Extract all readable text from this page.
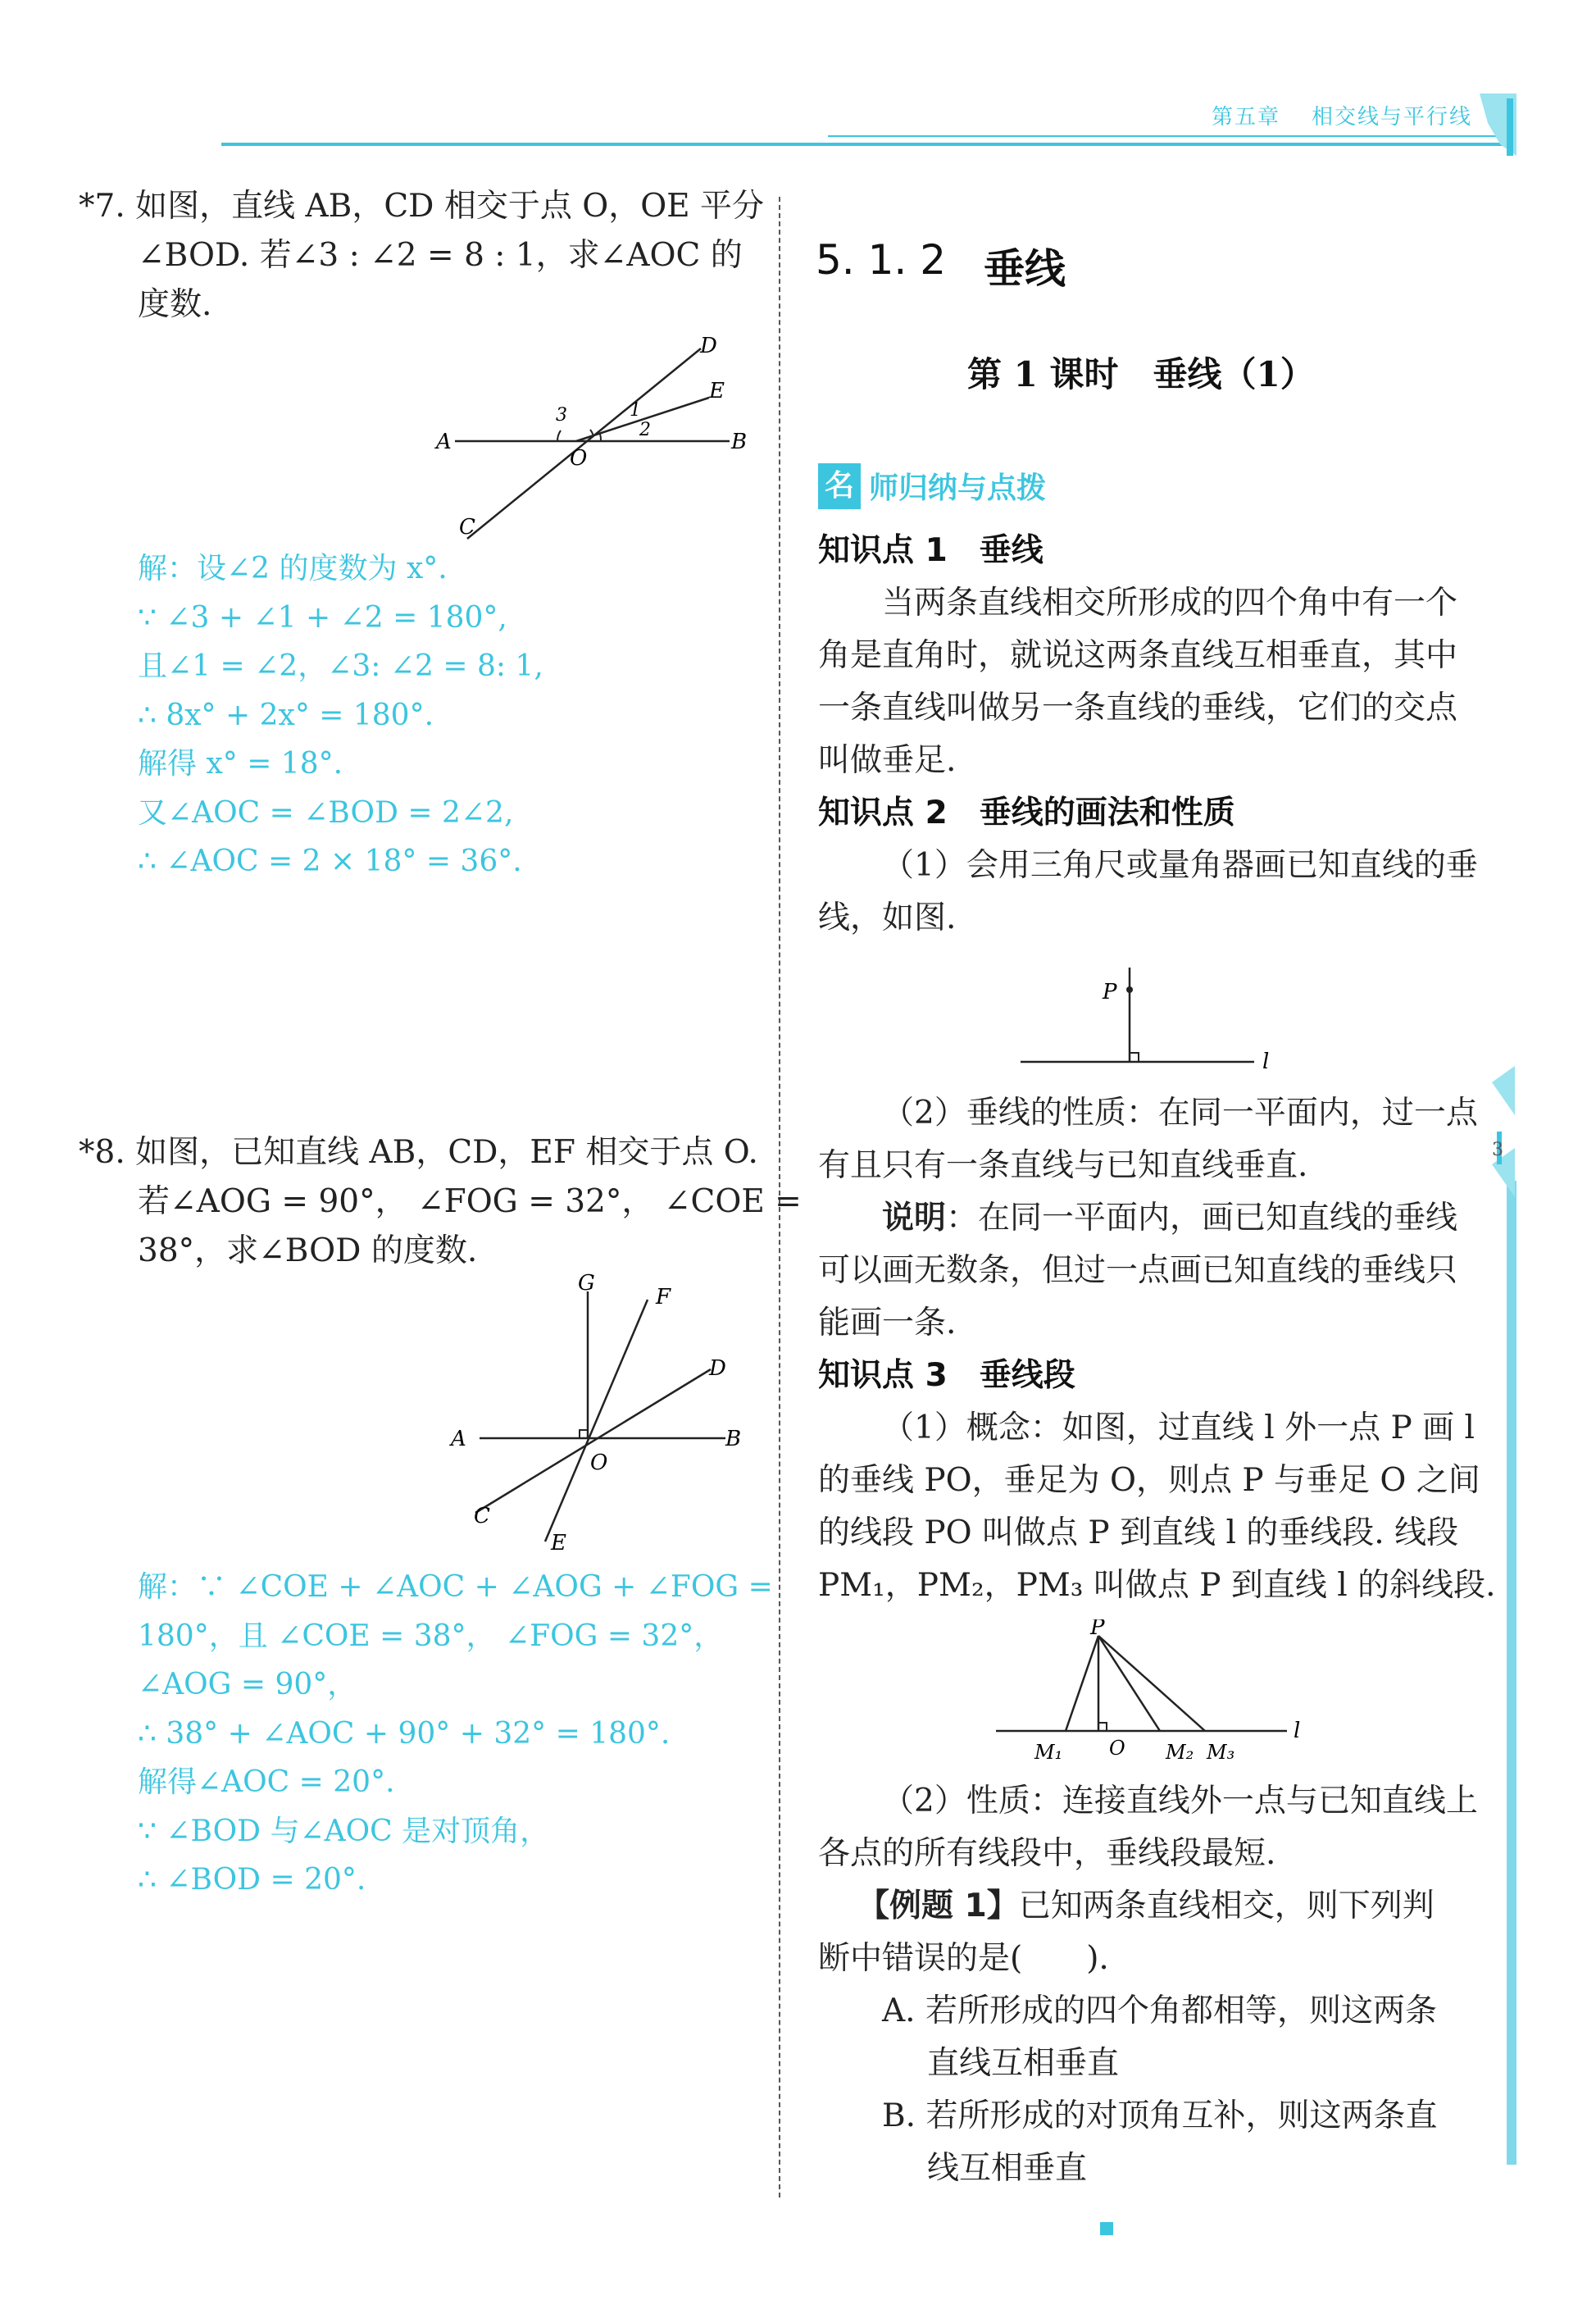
第五章 相交线与平行线
3
*7. 如图，直线 AB，CD 相交于点 O，OE 平分
∠BOD. 若∠3 : ∠2 = 8 : 1，求∠AOC 的
度数.
A	B
C
D
E
O
1
2
3
解：设∠2 的度数为 x°.
∵ ∠3 + ∠1 + ∠2 = 180°,
且∠1 = ∠2，∠3: ∠2 = 8: 1,
∴ 8x° + 2x° = 180°.
解得 x° = 18°.
又∠AOC = ∠BOD = 2∠2,
∴ ∠AOC = 2 × 18° = 36°.
*8. 如图，已知直线 AB，CD，EF 相交于点 O.
若∠AOG = 90°， ∠FOG = 32°， ∠COE =
38°，求∠BOD 的度数.
G
F
D
A	B
O
C
E
解：∵ ∠COE + ∠AOC + ∠AOG + ∠FOG =
180°，且 ∠COE = 38°， ∠FOG = 32°，
∠AOG = 90°，
∴ 38° + ∠AOC + 90° + 32° = 180°.
解得∠AOC = 20°.
∵ ∠BOD 与∠AOC 是对顶角，
∴ ∠BOD = 20°.
5. 1. 2 垂线
第 1 课时　垂线（1）
名 师归纳与点拨
知识点 1　垂线
当两条直线相交所形成的四个角中有一个
角是直角时，就说这两条直线互相垂直，其中
一条直线叫做另一条直线的垂线，它们的交点
叫做垂足.
知识点 2　垂线的画法和性质
（1）会用三角尺或量角器画已知直线的垂
线，如图.
P
l
（2）垂线的性质：在同一平面内，过一点
有且只有一条直线与已知直线垂直.
说明：在同一平面内，画已知直线的垂线
可以画无数条，但过一点画已知直线的垂线只
能画一条.
知识点 3　垂线段
（1）概念：如图，过直线 l 外一点 P 画 l
的垂线 PO，垂足为 O，则点 P 与垂足 O 之间
的线段 PO 叫做点 P 到直线 l 的垂线段. 线段
PM₁，PM₂，PM₃ 叫做点 P 到直线 l 的斜线段.
P
l
M₁ O M₂ M₃
（2）性质：连接直线外一点与已知直线上
各点的所有线段中，垂线段最短.
【例题 1】已知两条直线相交，则下列判
断中错误的是(　　).
A. 若所形成的四个角都相等，则这两条
直线互相垂直
B. 若所形成的对顶角互补，则这两条直
线互相垂直
